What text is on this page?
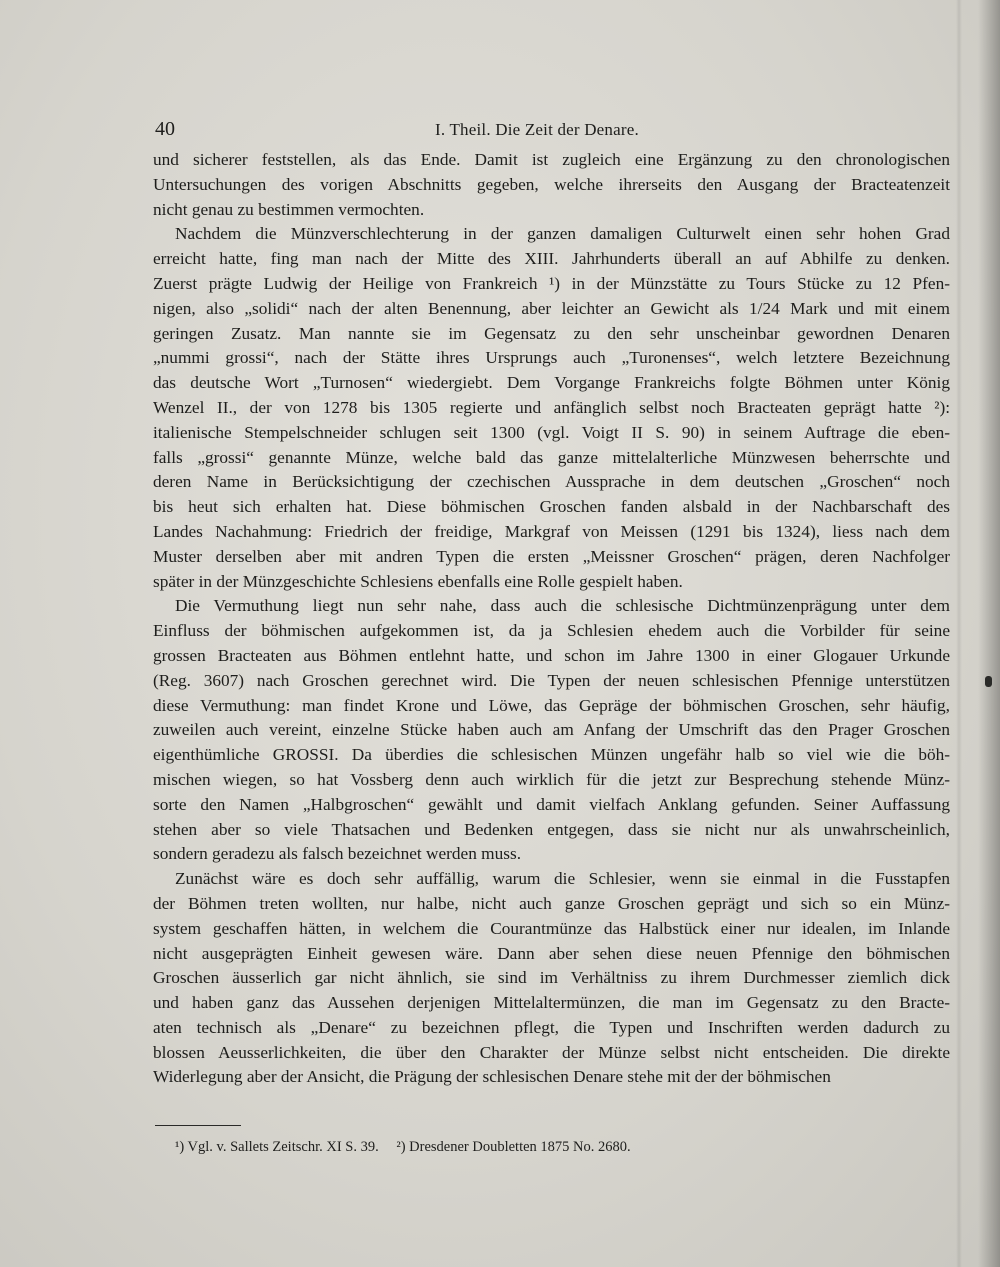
40	I. Theil. Die Zeit der Denare.
und sicherer feststellen, als das Ende. Damit ist zugleich eine Ergänzung zu den chronologischen
Untersuchungen des vorigen Abschnitts gegeben, welche ihrerseits den Ausgang der Bracteatenzeit
nicht genau zu bestimmen vermochten.
Nachdem die Münzverschlechterung in der ganzen damaligen Culturwelt einen sehr hohen Grad
erreicht hatte, fing man nach der Mitte des XIII. Jahrhunderts überall an auf Abhilfe zu denken.
Zuerst prägte Ludwig der Heilige von Frankreich ¹) in der Münzstätte zu Tours Stücke zu 12 Pfen-
nigen, also „solidi“ nach der alten Benennung, aber leichter an Gewicht als 1/24 Mark und mit einem
geringen Zusatz. Man nannte sie im Gegensatz zu den sehr unscheinbar gewordnen Denaren
„nummi grossi“, nach der Stätte ihres Ursprungs auch „Turonenses“, welch letztere Bezeichnung
das deutsche Wort „Turnosen“ wiedergiebt. Dem Vorgange Frankreichs folgte Böhmen unter König
Wenzel II., der von 1278 bis 1305 regierte und anfänglich selbst noch Bracteaten geprägt hatte ²):
italienische Stempelschneider schlugen seit 1300 (vgl. Voigt II S. 90) in seinem Auftrage die eben-
falls „grossi“ genannte Münze, welche bald das ganze mittelalterliche Münzwesen beherrschte und
deren Name in Berücksichtigung der czechischen Aussprache in dem deutschen „Groschen“ noch
bis heut sich erhalten hat. Diese böhmischen Groschen fanden alsbald in der Nachbarschaft des
Landes Nachahmung: Friedrich der freidige, Markgraf von Meissen (1291 bis 1324), liess nach dem
Muster derselben aber mit andren Typen die ersten „Meissner Groschen“ prägen, deren Nachfolger
später in der Münzgeschichte Schlesiens ebenfalls eine Rolle gespielt haben.
Die Vermuthung liegt nun sehr nahe, dass auch die schlesische Dichtmünzenprägung unter dem
Einfluss der böhmischen aufgekommen ist, da ja Schlesien ehedem auch die Vorbilder für seine
grossen Bracteaten aus Böhmen entlehnt hatte, und schon im Jahre 1300 in einer Glogauer Urkunde
(Reg. 3607) nach Groschen gerechnet wird. Die Typen der neuen schlesischen Pfennige unterstützen
diese Vermuthung: man findet Krone und Löwe, das Gepräge der böhmischen Groschen, sehr häufig,
zuweilen auch vereint, einzelne Stücke haben auch am Anfang der Umschrift das den Prager Groschen
eigenthümliche GROSSI. Da überdies die schlesischen Münzen ungefähr halb so viel wie die böh-
mischen wiegen, so hat Vossberg denn auch wirklich für die jetzt zur Besprechung stehende Münz-
sorte den Namen „Halbgroschen“ gewählt und damit vielfach Anklang gefunden. Seiner Auffassung
stehen aber so viele Thatsachen und Bedenken entgegen, dass sie nicht nur als unwahrscheinlich,
sondern geradezu als falsch bezeichnet werden muss.
Zunächst wäre es doch sehr auffällig, warum die Schlesier, wenn sie einmal in die Fusstapfen
der Böhmen treten wollten, nur halbe, nicht auch ganze Groschen geprägt und sich so ein Münz-
system geschaffen hätten, in welchem die Courantmünze das Halbstück einer nur idealen, im Inlande
nicht ausgeprägten Einheit gewesen wäre. Dann aber sehen diese neuen Pfennige den böhmischen
Groschen äusserlich gar nicht ähnlich, sie sind im Verhältniss zu ihrem Durchmesser ziemlich dick
und haben ganz das Aussehen derjenigen Mittelaltermünzen, die man im Gegensatz zu den Bracte-
aten technisch als „Denare“ zu bezeichnen pflegt, die Typen und Inschriften werden dadurch zu
blossen Aeusserlichkeiten, die über den Charakter der Münze selbst nicht entscheiden. Die direkte
Widerlegung aber der Ansicht, die Prägung der schlesischen Denare stehe mit der der böhmischen
¹) Vgl. v. Sallets Zeitschr. XI S. 39. ²) Dresdener Doubletten 1875 No. 2680.
